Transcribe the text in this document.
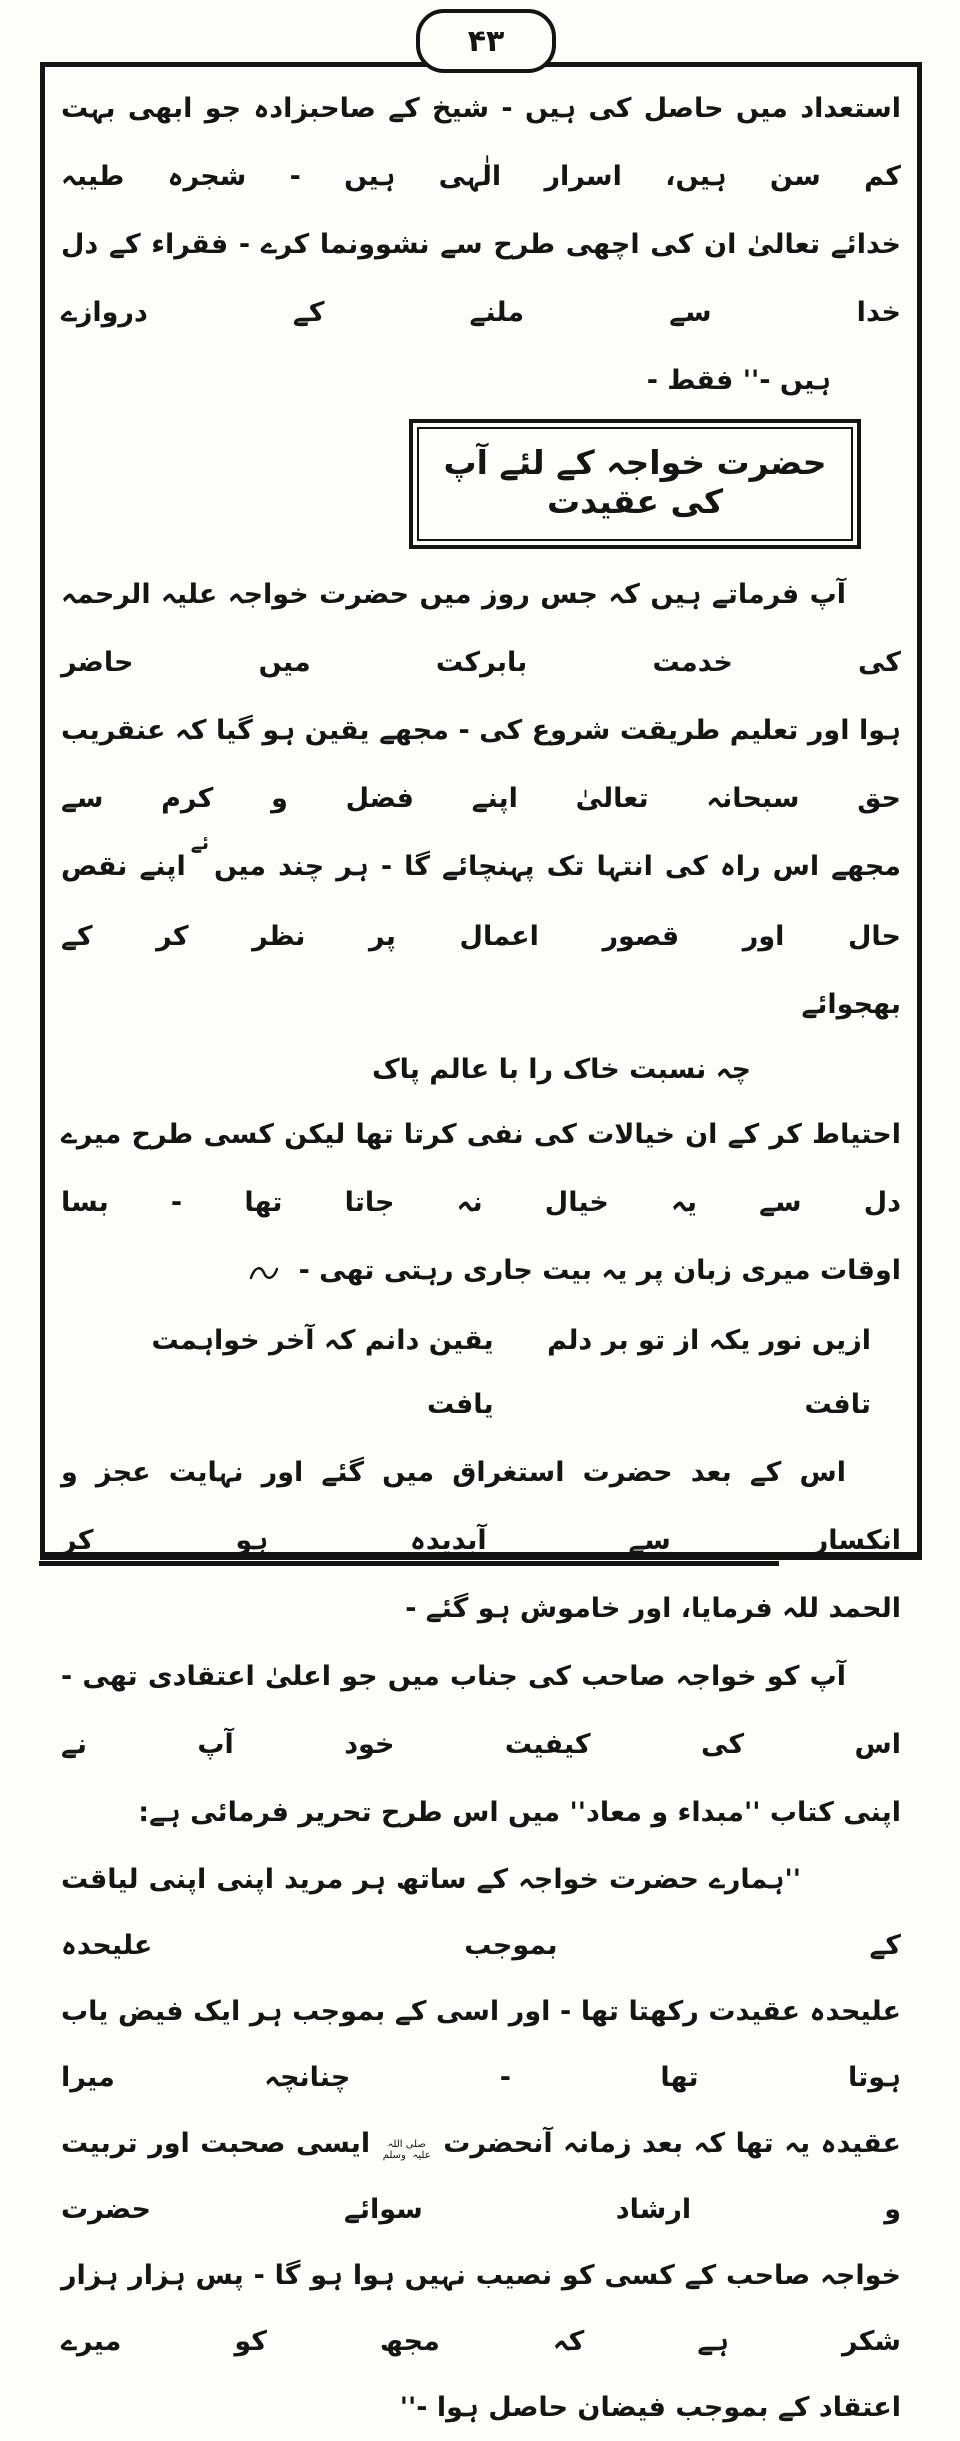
۴۳
استعداد میں حاصل کی ہیں - شیخ کے صاحبزادہ جو ابھی بہت کم سن ہیں، اسرار الٰہی ہیں - شجرہ طیبہ
خدائے تعالیٰ ان کی اچھی طرح سے نشوونما کرے - فقراء کے دل خدا سے ملنے کے دروازے
ہیں -'' فقط -
حضرت خواجہ کے لئے آپ کی عقیدت
آپ فرماتے ہیں کہ جس روز میں حضرت خواجہ علیہ الرحمہ کی خدمت بابرکت میں حاضر
ہوا اور تعلیم طریقت شروع کی - مجھے یقین ہو گیا کہ عنقریب حق سبحانہ تعالیٰ اپنے فضل و کرم سے
مجھے اس راہ کی انتہا تک پہنچائے گا - ہر چند میںئےاپنے نقص حال اور قصور اعمال پر نظر کر کے
بھجوائے
چہ نسبت خاک را با عالم پاک
احتیاط کر کے ان خیالات کی نفی کرتا تھا لیکن کسی طرح میرے دل سے یہ خیال نہ جاتا تھا - بسا
اوقات میری زبان پر یہ بیت جاری رہتی تھی -
ازیں نور یکہ از تو بر دلم تافت
یقین دانم کہ آخر خواہمت یافت
اس کے بعد حضرت استغراق میں گئے اور نہایت عجز و انکسار سے آبدیدہ ہو کر
الحمد للہ فرمایا، اور خاموش ہو گئے -
آپ کو خواجہ صاحب کی جناب میں جو اعلیٰ اعتقادی تھی - اس کی کیفیت خود آپ نے
اپنی کتاب ''مبداء و معاد'' میں اس طرح تحریر فرمائی ہے:
''ہمارے حضرت خواجہ کے ساتھ ہر مرید اپنی اپنی لیاقت کے بموجب علیحدہ
علیحدہ عقیدت رکھتا تھا - اور اسی کے بموجب ہر ایک فیض یاب ہوتا تھا - چنانچہ میرا
عقیدہ یہ تھا کہ بعد زمانہ آنحضرت صلی اللہ علیہ وسلم ایسی صحبت اور تربیت و ارشاد سوائے حضرت
خواجہ صاحب کے کسی کو نصیب نہیں ہوا ہو گا - پس ہزار ہزار شکر ہے کہ مجھ کو میرے
اعتقاد کے بموجب فیضان حاصل ہوا -''
